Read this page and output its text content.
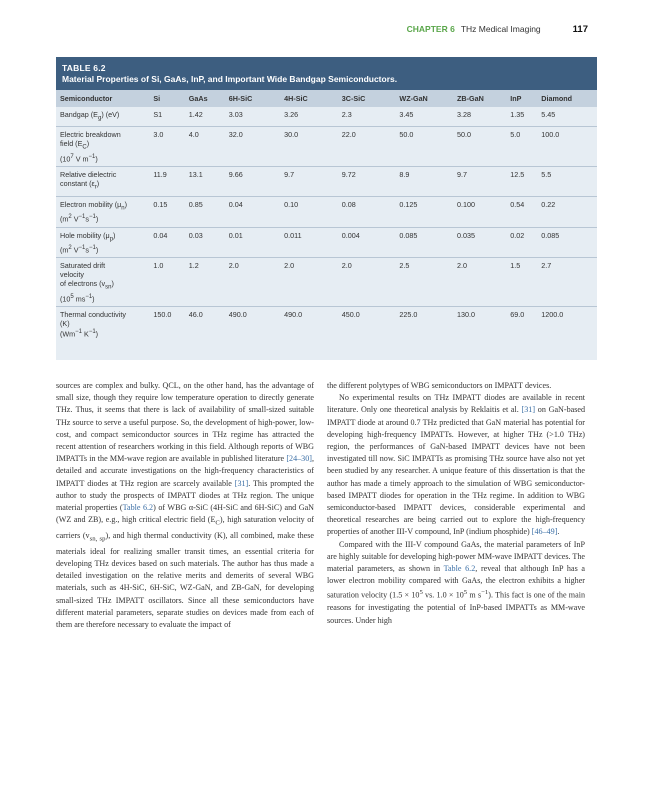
CHAPTER 6 THz Medical Imaging	117
TABLE 6.2
Material Properties of Si, GaAs, InP, and Important Wide Bandgap Semiconductors.
Semiconductor	Si	GaAs	6H-SiC	4H-SiC	3C-SiC	WZ-GaN	ZB-GaN	InP	Diamond
Bandgap $(E_g)$ (eV)	S1	1.42	3.03	3.26	2.3	3.45	3.28	1.35	5.45
Electric breakdown
field $(E_C)$
($10^7$ V $m^{-1}$)	3.0	4.0	32.0	30.0	22.0	50.0	50.0	5.0	100.0
Relative dielectric
constant $(\varepsilon_r)$	11.9	13.1	9.66	9.7	9.72	8.9	9.7	12.5	5.5
Electron mobility $(\mu_n)$
($m^2$ $V^{-1}s^{-1}$)	0.15	0.85	0.04	0.10	0.08	0.125	0.100	0.54	0.22
Hole mobility $(\mu_p)$
($m^2$ $V^{-1}s^{-1}$)	0.04	0.03	0.01	0.011	0.004	0.085	0.035	0.02	0.085
Saturated drift
velocity
of electrons $(v_{sn})$
($10^5$ $ms^{-1}$)	1.0	1.2	2.0	2.0	2.0	2.5	2.0	1.5	2.7
Thermal conductivity
(K)
($Wm^{-1}$ $K^{-1}$)	150.0	46.0	490.0	490.0	450.0	225.0	130.0	69.0	1200.0

sources are complex and bulky. QCL, on the other hand, has the advantage of small size, though they require low temperature operation to directly generate THz. Thus, it seems that there is lack of availability of small-sized suitable THz source to serve a useful purpose. So, the development of high-power, low-cost, and compact semiconductor sources in THz regime has attracted the recent attention of researchers working in this field. Although reports of WBG IMPATTs in the MM-wave region are available in published literature [24–30], detailed and accurate investigations on the high-frequency characteristics of IMPATT diodes at THz region are scarcely available [31]. This prompted the author to study the prospects of IMPATT diodes at THz region. The unique material properties (Table 6.2) of WBG α-SiC (4H-SiC and 6H-SiC) and GaN (WZ and ZB), e.g., high critical electric field $(E_C)$, high saturation velocity of carriers $(v_{sn, sp})$, and high thermal conductivity (K), all combined, make these materials ideal for realizing smaller transit times, an essential criteria for developing THz devices based on such materials. The author has thus made a detailed investigation on the relative merits and demerits of several WBG materials, such as 4H-SiC, 6H-SiC, WZ-GaN, and ZB-GaN, for developing small-sized THz IMPATT oscillators. Since all these semiconductors have different material parameters, separate studies on devices made from each of them are therefore necessary to evaluate the impact of

the different polytypes of WBG semiconductors on IMPATT devices.

No experimental results on THz IMPATT diodes are available in recent literature. Only one theoretical analysis by Reklaitis et al. [31] on GaN-based IMPATT diode at around 0.7 THz predicted that GaN material has potential for developing high-frequency IMPATTs. However, at higher THz (>1.0 THz) region, the performances of GaN-based IMPATT devices have not been investigated till now. SiC IMPATTs as promising THz source have also not yet been studied by any researcher. A unique feature of this dissertation is that the author has made a timely approach to the simulation of WBG semiconductor-based IMPATT diodes for operation in the THz regime. In addition to WBG semiconductor-based IMPATT devices, considerable experimental and theoretical researches are being carried out to explore the high-frequency properties of another III-V compound, InP (indium phosphide) [46–49].

Compared with the III-V compound GaAs, the material parameters of InP are highly suitable for developing high-power MM-wave IMPATT devices. The material parameters, as shown in Table 6.2, reveal that although InP has a lower electron mobility compared with GaAs, the electron exhibits a higher saturation velocity ($1.5 \times 10^5$ vs. $1.0 \times 10^5$ m $s^{-1}$). This fact is one of the main reasons for investigating the potential of InP-based IMPATTs as MM-wave sources. Under high
